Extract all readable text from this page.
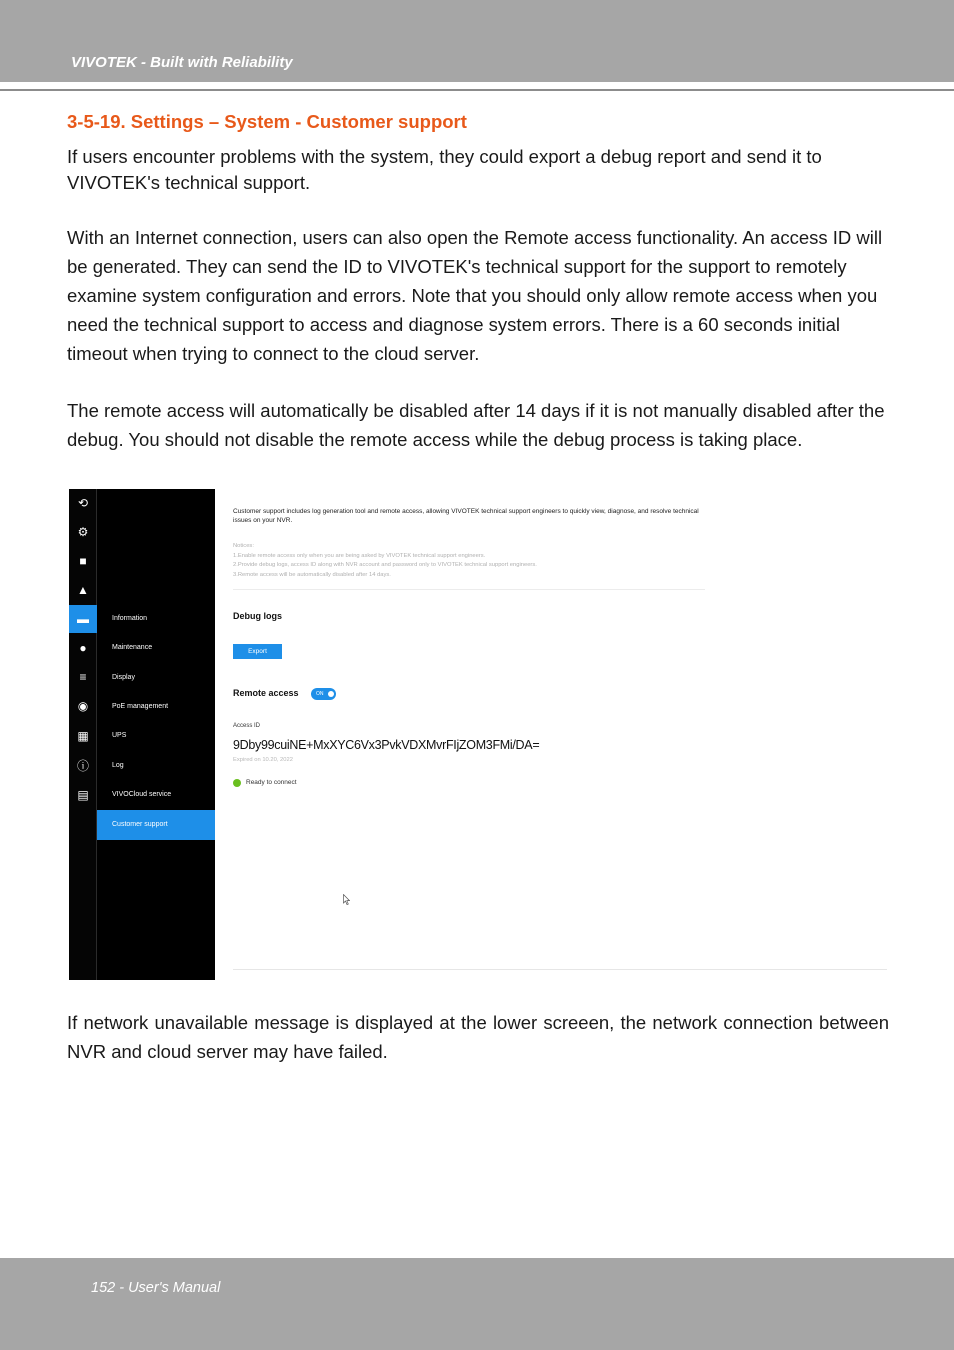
VIVOTEK - Built with Reliability
3-5-19. Settings – System - Customer support
If users encounter problems with the system, they could export a debug report and send it to VIVOTEK's technical support.
With an Internet connection, users can also open the Remote access functionality. An access ID will be generated. They can send the ID to VIVOTEK's technical support for the support to remotely examine system configuration and errors. Note that you should only allow remote access when you need the technical support to access and diagnose system errors. There is a 60 seconds initial timeout when trying to connect to the cloud server.
The remote access will automatically be disabled after 14 days if it is not manually disabled after the debug. You should not disable the remote access while the debug process is taking place.
⟲
⚙
■
▲
▬
●
≡
◉
▦
ⓘ
▤
Information
Maintenance
Display
PoE management
UPS
Log
VIVOCloud service
Customer support
Customer support includes log generation tool and remote access, allowing VIVOTEK technical support engineers to quickly view, diagnose, and resolve technical issues on your NVR.
Notices:
1.Enable remote access only when you are being asked by VIVOTEK technical support engineers.
2.Provide debug logs, access ID along with NVR account and password only to VIVOTEK technical support engineers.
3.Remote access will be automatically disabled after 14 days.
Debug logs
Export
Remote access	ON
Access ID
9Dby99cuiNE+MxXYC6Vx3PvkVDXMvrFIjZOM3FMi/DA=
Expired on 10.20, 2022
Ready to connect
If network unavailable message is displayed at the lower screeen, the network connection between NVR and cloud server may have failed.
152 - User's Manual
